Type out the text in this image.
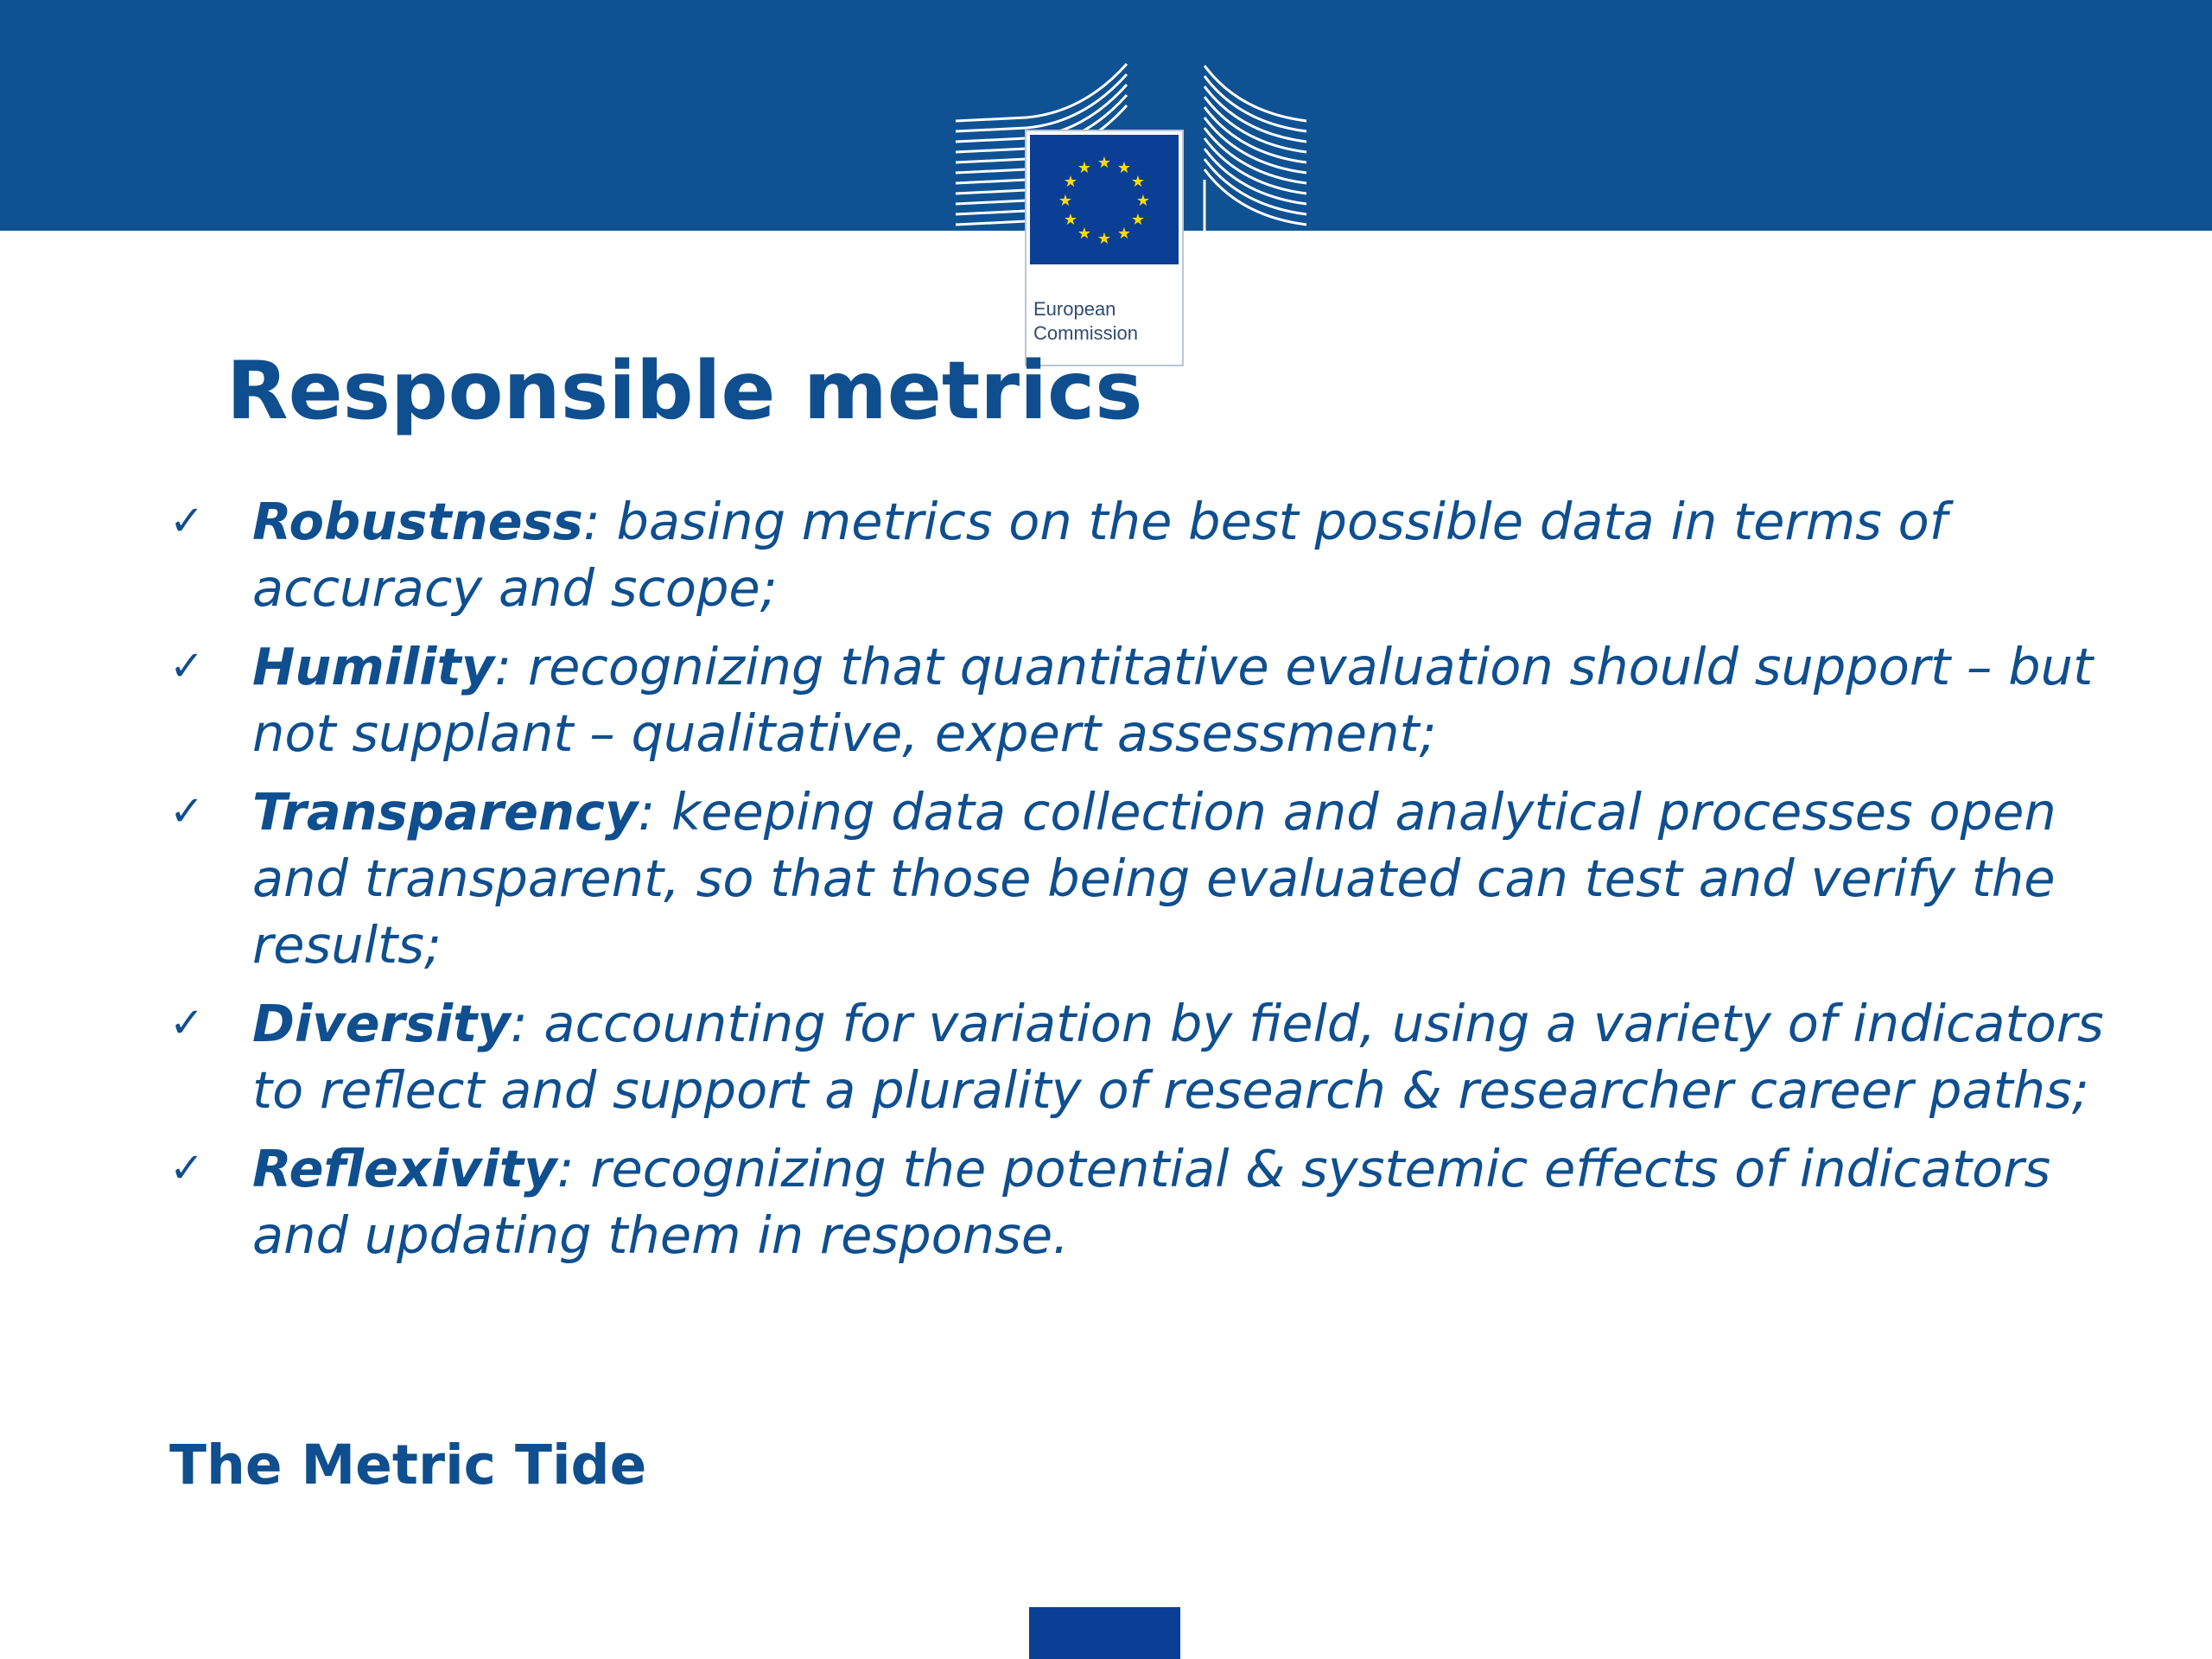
★ ★
★
★
★
★
★
★
★
★
★
★
European
Commission
Responsible metrics
✓ Robustness: basing metrics on the best possible data in terms of accuracy and scope;
✓ Humility: recognizing that quantitative evaluation should support – but not supplant – qualitative, expert assessment;
✓ Transparency: keeping data collection and analytical processes open and transparent, so that those being evaluated can test and verify the results;
✓ Diversity: accounting for variation by field, using a variety of indicators to reflect and support a plurality of research & researcher career paths;
✓ Reflexivity: recognizing the potential & systemic effects of indicators and updating them in response.
The Metric Tide
